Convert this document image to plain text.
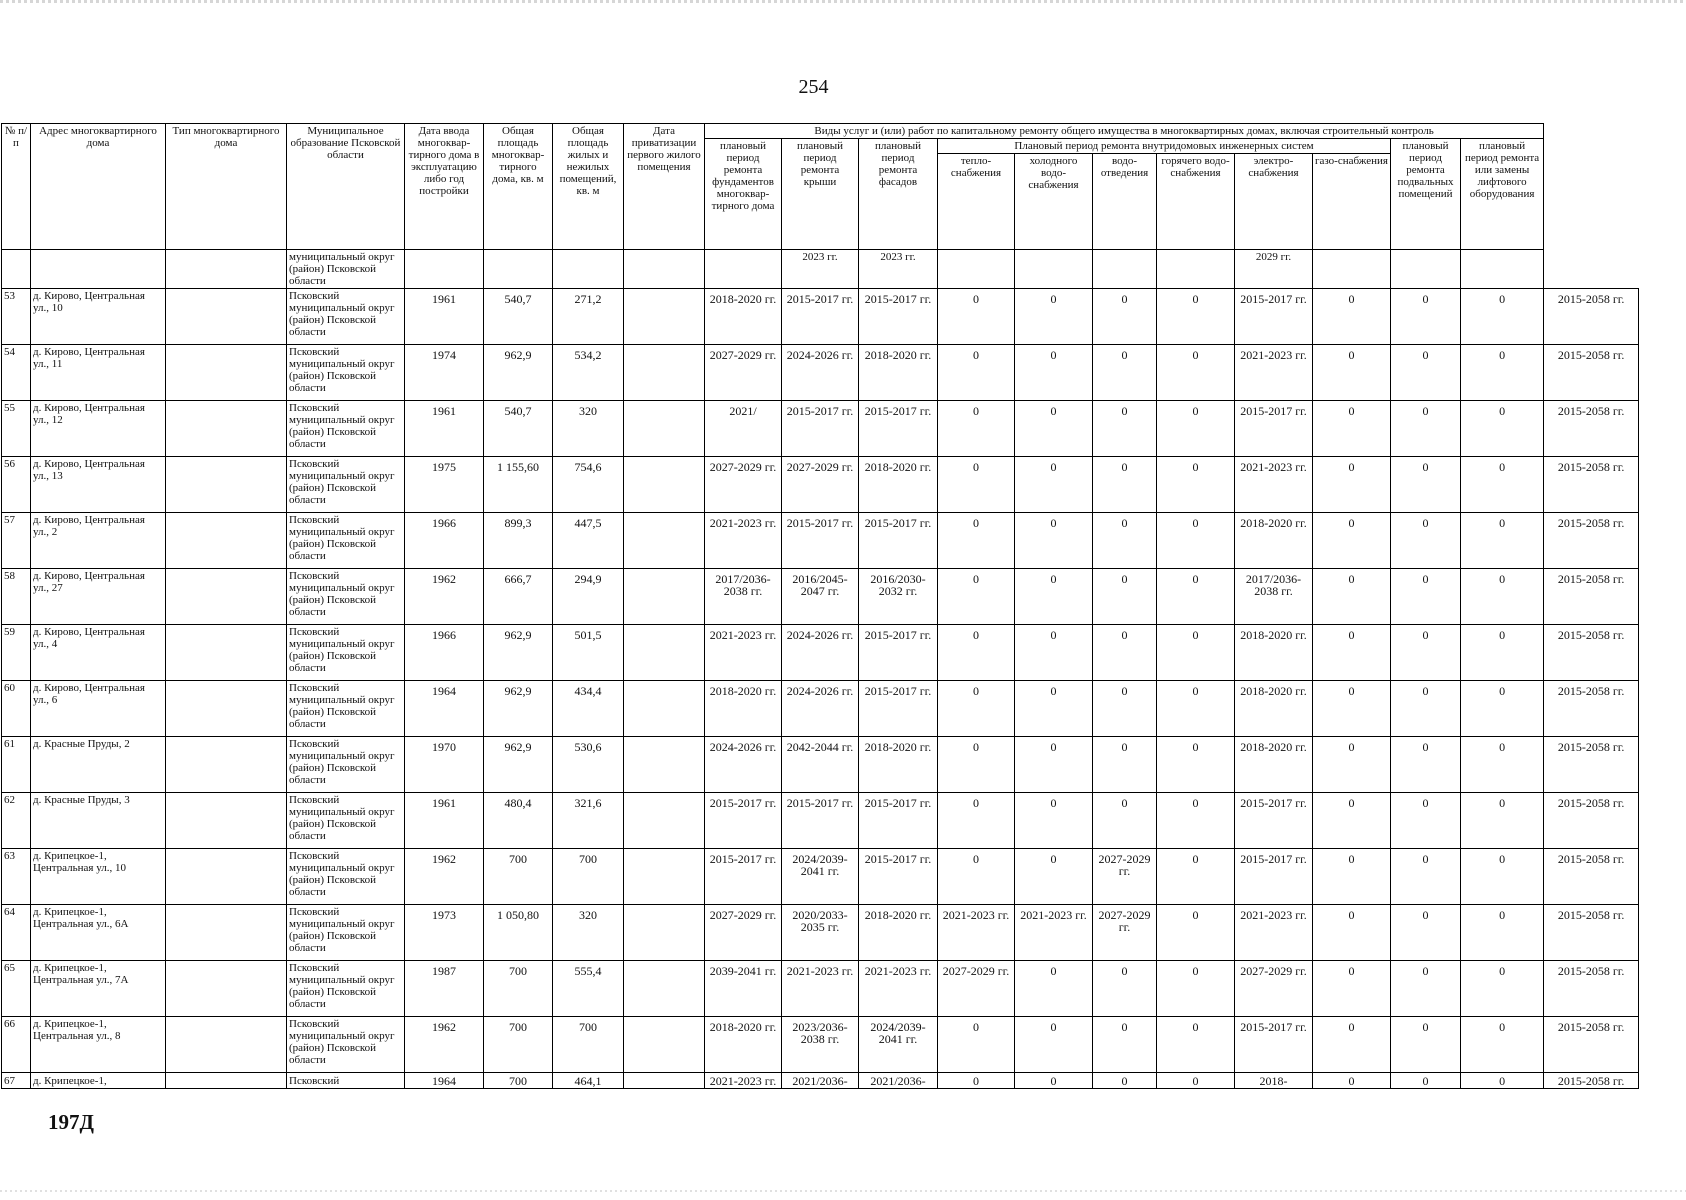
254
№ п/п	Адрес многоквартирного дома	Тип многоквартирного дома	Муниципальное образование Псковской области	Дата ввода многоквар-тирного дома в эксплуатацию либо год постройки	Общая площадь многоквар-тирного дома, кв. м	Общая площадь жилых и нежилых помещений, кв. м	Дата приватизации первого жилого помещения	Виды услуг и (или) работ по капитальному ремонту общего имущества в многоквартирных домах, включая строительный контроль											
								плановый период ремонта фундаментов многоквар-тирного дома	плановый период ремонта крыши	плановый период ремонта фасадов	Плановый период ремонта внутридомовых инженерных систем						плановый период ремонта подвальных помещений	плановый период ремонта или замены лифтового оборудования	
											тепло-снабжения	холодного водо-снабжения	водо-отведения	горячего водо-снабжения	электро-снабжения	газо-снабжения			
			муниципальный округ (район) Псковской области						2023 гг.	2023 гг.					2029 гг.				
53	д. Кирово, Центральная ул., 10		Псковский муниципальный округ (район) Псковской области	1961	540,7	271,2		2018-2020 гг.	2015-2017 гг.	2015-2017 гг.	0	0	0	0	2015-2017 гг.	0	0	0	2015-2058 гг.
54	д. Кирово, Центральная ул., 11		Псковский муниципальный округ (район) Псковской области	1974	962,9	534,2		2027-2029 гг.	2024-2026 гг.	2018-2020 гг.	0	0	0	0	2021-2023 гг.	0	0	0	2015-2058 гг.
55	д. Кирово, Центральная ул., 12		Псковский муниципальный округ (район) Псковской области	1961	540,7	320		2021/	2015-2017 гг.	2015-2017 гг.	0	0	0	0	2015-2017 гг.	0	0	0	2015-2058 гг.
56	д. Кирово, Центральная ул., 13		Псковский муниципальный округ (район) Псковской области	1975	1 155,60	754,6		2027-2029 гг.	2027-2029 гг.	2018-2020 гг.	0	0	0	0	2021-2023 гг.	0	0	0	2015-2058 гг.
57	д. Кирово, Центральная ул., 2		Псковский муниципальный округ (район) Псковской области	1966	899,3	447,5		2021-2023 гг.	2015-2017 гг.	2015-2017 гг.	0	0	0	0	2018-2020 гг.	0	0	0	2015-2058 гг.
58	д. Кирово, Центральная ул., 27		Псковский муниципальный округ (район) Псковской области	1962	666,7	294,9		2017/2036-2038 гг.	2016/2045-2047 гг.	2016/2030-2032 гг.	0	0	0	0	2017/2036-2038 гг.	0	0	0	2015-2058 гг.
59	д. Кирово, Центральная ул., 4		Псковский муниципальный округ (район) Псковской области	1966	962,9	501,5		2021-2023 гг.	2024-2026 гг.	2015-2017 гг.	0	0	0	0	2018-2020 гг.	0	0	0	2015-2058 гг.
60	д. Кирово, Центральная ул., 6		Псковский муниципальный округ (район) Псковской области	1964	962,9	434,4		2018-2020 гг.	2024-2026 гг.	2015-2017 гг.	0	0	0	0	2018-2020 гг.	0	0	0	2015-2058 гг.
61	д. Красные Пруды, 2		Псковский муниципальный округ (район) Псковской области	1970	962,9	530,6		2024-2026 гг.	2042-2044 гг.	2018-2020 гг.	0	0	0	0	2018-2020 гг.	0	0	0	2015-2058 гг.
62	д. Красные Пруды, 3		Псковский муниципальный округ (район) Псковской области	1961	480,4	321,6		2015-2017 гг.	2015-2017 гг.	2015-2017 гг.	0	0	0	0	2015-2017 гг.	0	0	0	2015-2058 гг.
63	д. Крипецкое-1, Центральная ул., 10		Псковский муниципальный округ (район) Псковской области	1962	700	700		2015-2017 гг.	2024/2039-2041 гг.	2015-2017 гг.	0	0	2027-2029 гг.	0	2015-2017 гг.	0	0	0	2015-2058 гг.
64	д. Крипецкое-1, Центральная ул., 6А		Псковский муниципальный округ (район) Псковской области	1973	1 050,80	320		2027-2029 гг.	2020/2033-2035 гг.	2018-2020 гг.	2021-2023 гг.	2021-2023 гг.	2027-2029 гг.	0	2021-2023 гг.	0	0	0	2015-2058 гг.
65	д. Крипецкое-1, Центральная ул., 7А		Псковский муниципальный округ (район) Псковской области	1987	700	555,4		2039-2041 гг.	2021-2023 гг.	2021-2023 гг.	2027-2029 гг.	0	0	0	2027-2029 гг.	0	0	0	2015-2058 гг.
66	д. Крипецкое-1, Центральная ул., 8		Псковский муниципальный округ (район) Псковской области	1962	700	700		2018-2020 гг.	2023/2036-2038 гг.	2024/2039-2041 гг.	0	0	0	0	2015-2017 гг.	0	0	0	2015-2058 гг.
67	д. Крипецкое-1,		Псковский	1964	700	464,1		2021-2023 гг.	2021/2036-	2021/2036-	0	0	0	0	2018-	0	0	0	2015-2058 гг.
197Д
